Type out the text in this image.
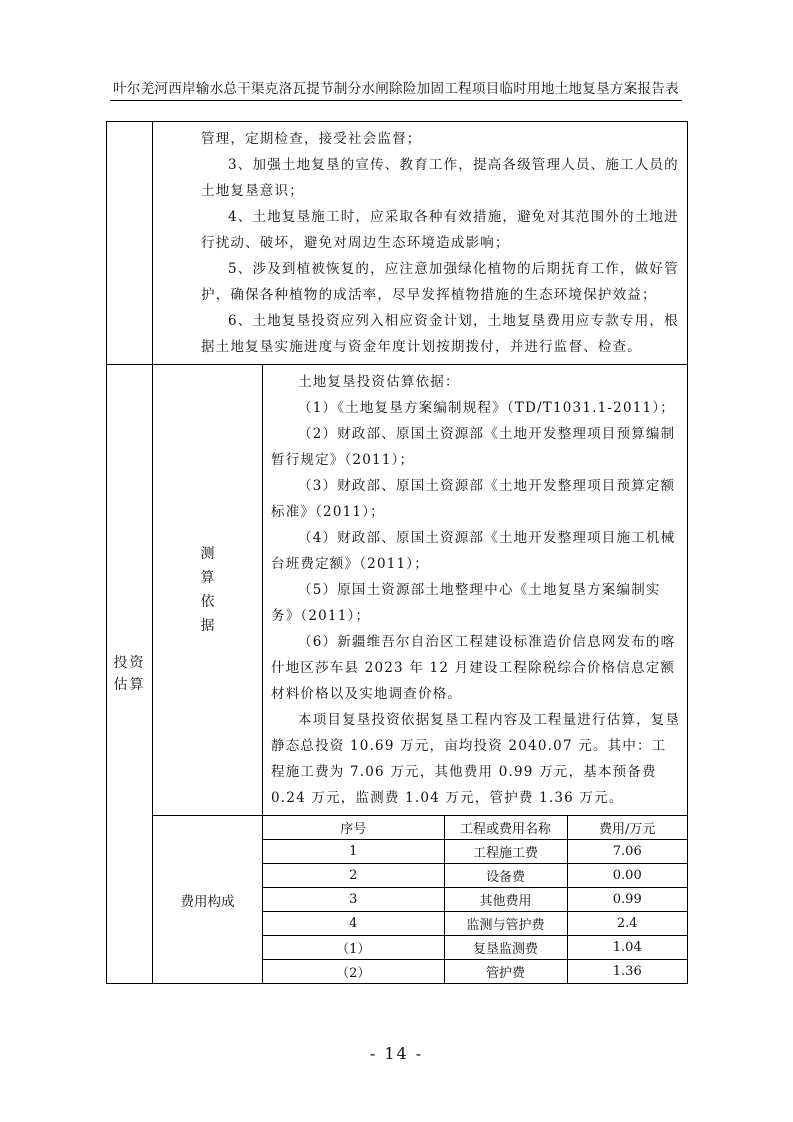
叶尔羌河西岸输水总干渠克洛瓦提节制分水闸除险加固工程项目临时用地土地复垦方案报告表

管理，定期检查，接受社会监督；
3、加强土地复垦的宣传、教育工作，提高各级管理人员、施工人员的土地复垦意识；
4、土地复垦施工时，应采取各种有效措施，避免对其范围外的土地进行扰动、破坏，避免对周边生态环境造成影响；
5、涉及到植被恢复的，应注意加强绿化植物的后期抚育工作，做好管护，确保各种植物的成活率，尽早发挥植物措施的生态环境保护效益；
6、土地复垦投资应列入相应资金计划，土地复垦费用应专款专用，根据土地复垦实施进度与资金年度计划按期拨付，并进行监督、检查。

投资
估算

测
算
依
据

土地复垦投资估算依据：
（1）《土地复垦方案编制规程》（TD/T1031.1-2011）；
（2）财政部、原国土资源部《土地开发整理项目预算编制暂行规定》（2011）；
（3）财政部、原国土资源部《土地开发整理项目预算定额标准》（2011）；
（4）财政部、原国土资源部《土地开发整理项目施工机械台班费定额》（2011）；
（5）原国土资源部土地整理中心《土地复垦方案编制实务》（2011）；
（6）新疆维吾尔自治区工程建设标准造价信息网发布的喀什地区莎车县 2023 年 12 月建设工程除税综合价格信息定额材料价格以及实地调查价格。
本项目复垦投资依据复垦工程内容及工程量进行估算，复垦静态总投资 10.69 万元，亩均投资 2040.07 元。其中：工程施工费为 7.06 万元，其他费用 0.99 万元，基本预备费 0.24 万元，监测费 1.04 万元，管护费 1.36 万元。

费用构成	
序号	工程或费用名称	费用/万元
1	工程施工费	7.06
2	设备费	0.00
3	其他费用	0.99
4	监测与管护费	2.4
（1）	复垦监测费	1.04
（2）	管护费	1.36
- 14 -
